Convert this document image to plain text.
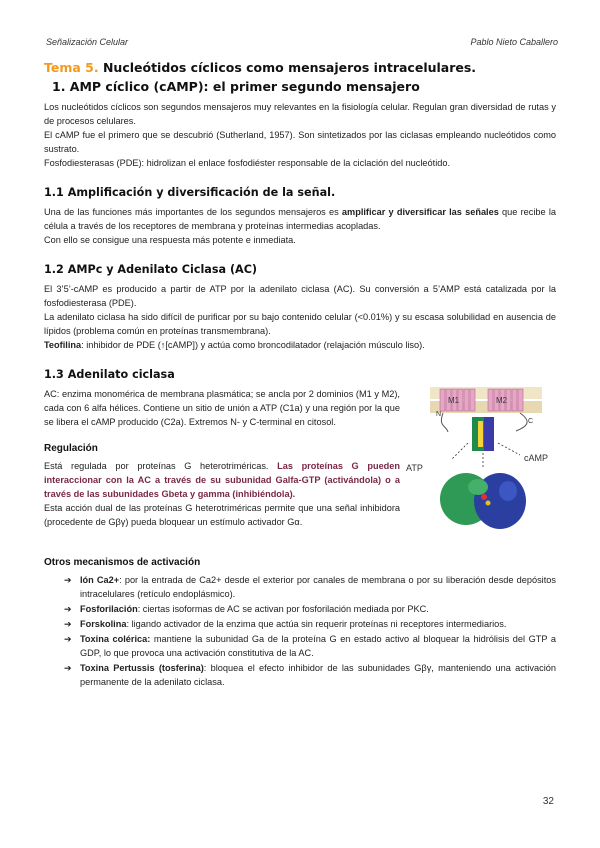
Señalización Celular	Pablo Nieto Caballero
Tema 5. Nucleótidos cíclicos como mensajeros intracelulares.
1. AMP cíclico (cAMP): el primer segundo mensajero

Los nucleótidos cíclicos son segundos mensajeros muy relevantes en la fisiología celular. Regulan gran diversidad de rutas y de procesos celulares.

El cAMP fue el primero que se descubrió (Sutherland, 1957). Son sintetizados por las ciclasas empleando nucleótidos como sustrato.

Fosfodiesterasas (PDE): hidrolizan el enlace fosfodiéster responsable de la ciclación del nucleótido.

1.1 Amplificación y diversificación de la señal.

Una de las funciones más importantes de los segundos mensajeros es amplificar y diversificar las señales que recibe la célula a través de los receptores de membrana y proteínas intermedias acopladas.

Con ello se consigue una respuesta más potente e inmediata.

1.2 AMPc y Adenilato Ciclasa (AC)

El 3’5’-cAMP es producido a partir de ATP por la adenilato ciclasa (AC). Su conversión a 5’AMP está catalizada por la fosfodiesterasa (PDE).

La adenilato ciclasa ha sido difícil de purificar por su bajo contenido celular (<0.01%) y su escasa solubilidad en ausencia de lípidos (problema común en proteínas transmembrana).

Teofilina: inhibidor de PDE (↑[cAMP]) y actúa como broncodilatador (relajación músculo liso).

1.3 Adenilato ciclasa
M1	M2
N
C
ATP
cAMP

AC: enzima monomérica de membrana plasmática; se ancla por 2 dominios (M1 y M2), cada con 6 alfa hélices. Contiene un sitio de unión a ATP (C1a) y una región por la que se libera el cAMP producido (C2a). Extremos N- y C-terminal en citosol.

Regulación

Está regulada por proteínas G heterotriméricas. Las proteínas G pueden interaccionar con la AC a través de su subunidad Galfa-GTP (activándola) o a través de las subunidades Gbeta y gamma (inhibiéndola).

Esta acción dual de las proteínas G heterotriméricas permite que una señal inhibidora (procedente de Gβγ) pueda bloquear un estímulo activador Gα.

Otros mecanismos de activación
➔ Ión Ca2+: por la entrada de Ca2+ desde el exterior por canales de membrana o por su liberación desde depósitos intracelulares (retículo endoplásmico).
➔ Fosforilación: ciertas isoformas de AC se activan por fosforilación mediada por PKC.
➔ Forskolina: ligando activador de la enzima que actúa sin requerir proteínas ni receptores intermediarios.
➔ Toxina colérica: mantiene la subunidad Ga de la proteína G en estado activo al bloquear la hidrólisis del GTP a GDP, lo que provoca una activación constitutiva de la AC.
➔ Toxina Pertussis (tosferina): bloquea el efecto inhibidor de las subunidades Gβγ, manteniendo una activación permanente de la adenilato ciclasa.
32
